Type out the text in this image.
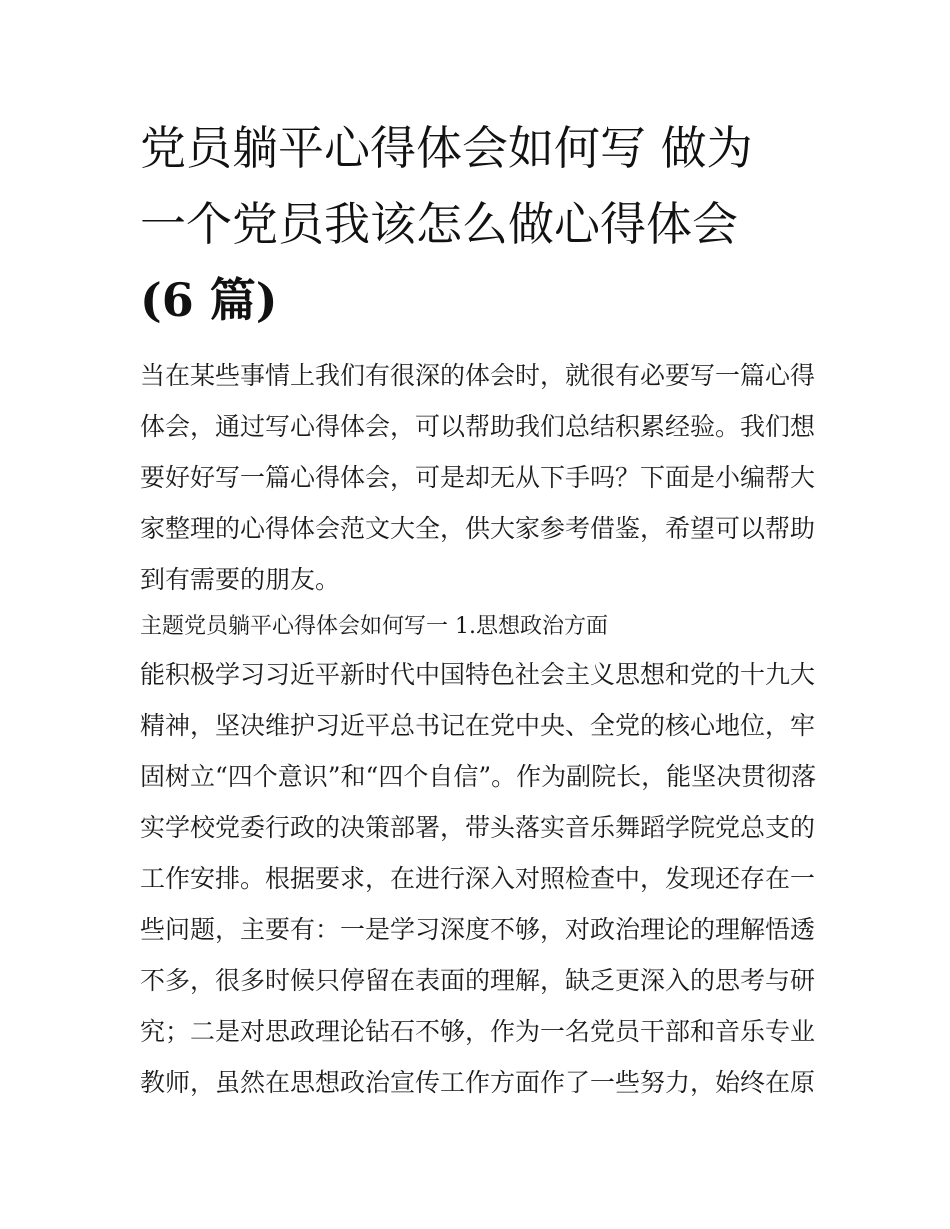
党员躺平心得体会如何写 做为
一个党员我该怎么做心得体会
(6 篇)

当在某些事情上我们有很深的体会时，就很有必要写一篇心得
体会，通过写心得体会，可以帮助我们总结积累经验。我们想
要好好写一篇心得体会，可是却无从下手吗？下面是小编帮大
家整理的心得体会范文大全，供大家参考借鉴，希望可以帮助
到有需要的朋友。

主题党员躺平心得体会如何写一 1.思想政治方面

能积极学习习近平新时代中国特色社会主义思想和党的十九大
精神，坚决维护习近平总书记在党中央、全党的核心地位，牢
固树立“四个意识”和“四个自信”。作为副院长，能坚决贯彻落
实学校党委行政的决策部署，带头落实音乐舞蹈学院党总支的
工作安排。根据要求，在进行深入对照检查中，发现还存在一
些问题，主要有：一是学习深度不够，对政治理论的理解悟透
不多，很多时候只停留在表面的理解，缺乏更深入的思考与研
究；二是对思政理论钻石不够，作为一名党员干部和音乐专业
教师，虽然在思想政治宣传工作方面作了一些努力，始终在原
